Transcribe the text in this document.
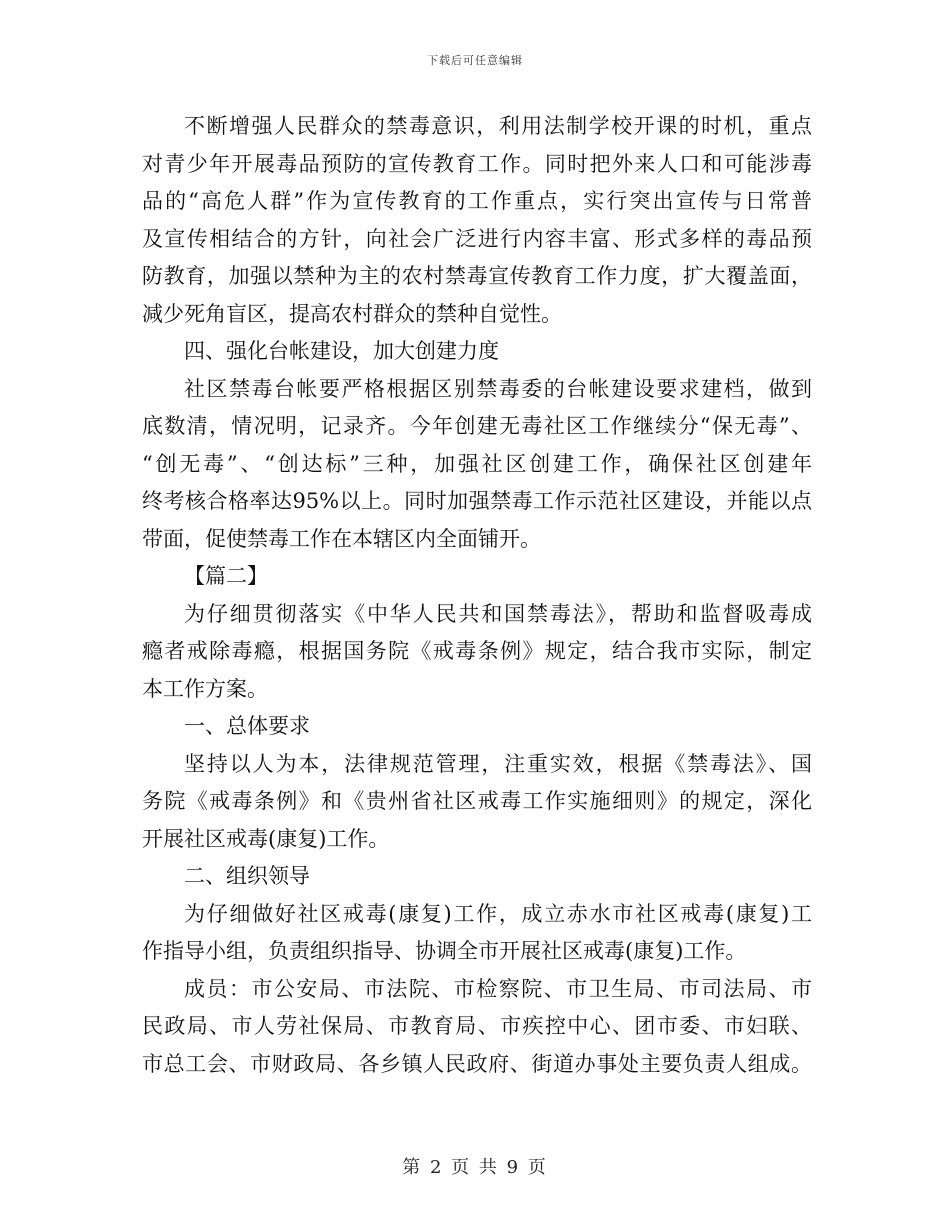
下载后可任意编辑
不断增强人民群众的禁毒意识，利用法制学校开课的时机，重点
对青少年开展毒品预防的宣传教育工作。同时把外来人口和可能涉毒
品的“高危人群”作为宣传教育的工作重点，实行突出宣传与日常普
及宣传相结合的方针，向社会广泛进行内容丰富、形式多样的毒品预
防教育，加强以禁种为主的农村禁毒宣传教育工作力度，扩大覆盖面，
减少死角盲区，提高农村群众的禁种自觉性。
四、强化台帐建设，加大创建力度
社区禁毒台帐要严格根据区别禁毒委的台帐建设要求建档，做到
底数清，情况明，记录齐。今年创建无毒社区工作继续分“保无毒”、
“创无毒”、“创达标”三种，加强社区创建工作，确保社区创建年
终考核合格率达95%以上。同时加强禁毒工作示范社区建设，并能以点
带面，促使禁毒工作在本辖区内全面铺开。
【篇二】
为仔细贯彻落实《中华人民共和国禁毒法》，帮助和监督吸毒成
瘾者戒除毒瘾，根据国务院《戒毒条例》规定，结合我市实际，制定
本工作方案。
一、总体要求
坚持以人为本，法律规范管理，注重实效，根据《禁毒法》、国
务院《戒毒条例》和《贵州省社区戒毒工作实施细则》的规定，深化
开展社区戒毒(康复)工作。
二、组织领导
为仔细做好社区戒毒(康复)工作，成立赤水市社区戒毒(康复)工
作指导小组，负责组织指导、协调全市开展社区戒毒(康复)工作。
成员：市公安局、市法院、市检察院、市卫生局、市司法局、市
民政局、市人劳社保局、市教育局、市疾控中心、团市委、市妇联、
市总工会、市财政局、各乡镇人民政府、街道办事处主要负责人组成。
第 2 页 共 9 页
